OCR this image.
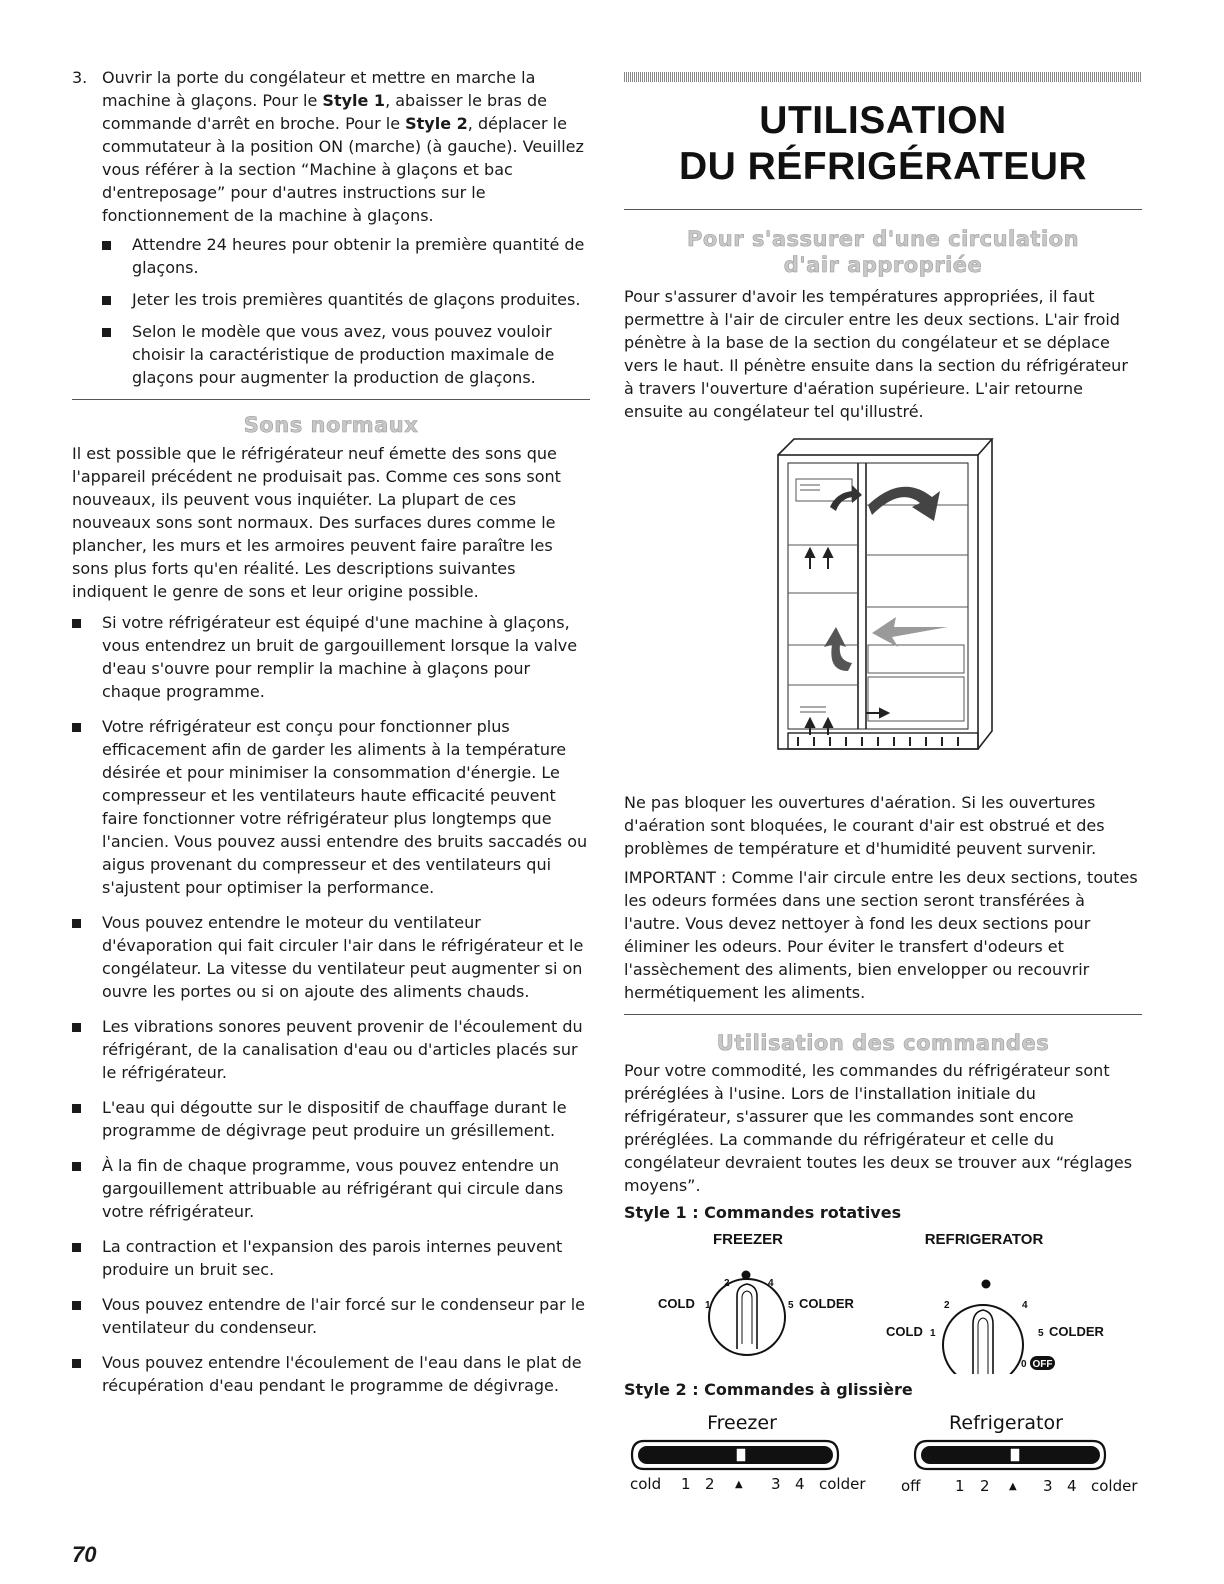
3. Ouvrir la porte du congélateur et mettre en marche la machine à glaçons. Pour le Style 1, abaisser le bras de commande d'arrêt en broche. Pour le Style 2, déplacer le commutateur à la position ON (marche) (à gauche). Veuillez vous référer à la section “Machine à glaçons et bac d'entreposage” pour d'autres instructions sur le fonctionnement de la machine à glaçons.

Attendre 24 heures pour obtenir la première quantité de glaçons.
Jeter les trois premières quantités de glaçons produites.
Selon le modèle que vous avez, vous pouvez vouloir choisir la caractéristique de production maximale de glaçons pour augmenter la production de glaçons.
Sons normaux

Il est possible que le réfrigérateur neuf émette des sons que l'appareil précédent ne produisait pas. Comme ces sons sont nouveaux, ils peuvent vous inquiéter. La plupart de ces nouveaux sons sont normaux. Des surfaces dures comme le plancher, les murs et les armoires peuvent faire paraître les sons plus forts qu'en réalité. Les descriptions suivantes indiquent le genre de sons et leur origine possible.

Si votre réfrigérateur est équipé d'une machine à glaçons, vous entendrez un bruit de gargouillement lorsque la valve d'eau s'ouvre pour remplir la machine à glaçons pour chaque programme.
Votre réfrigérateur est conçu pour fonctionner plus efficacement afin de garder les aliments à la température désirée et pour minimiser la consommation d'énergie. Le compresseur et les ventilateurs haute efficacité peuvent faire fonctionner votre réfrigérateur plus longtemps que l'ancien. Vous pouvez aussi entendre des bruits saccadés ou aigus provenant du compresseur et des ventilateurs qui s'ajustent pour optimiser la performance.
Vous pouvez entendre le moteur du ventilateur d'évaporation qui fait circuler l'air dans le réfrigérateur et le congélateur. La vitesse du ventilateur peut augmenter si on ouvre les portes ou si on ajoute des aliments chauds.
Les vibrations sonores peuvent provenir de l'écoulement du réfrigérant, de la canalisation d'eau ou d'articles placés sur le réfrigérateur.
L'eau qui dégoutte sur le dispositif de chauffage durant le programme de dégivrage peut produire un grésillement.
À la fin de chaque programme, vous pouvez entendre un gargouillement attribuable au réfrigérant qui circule dans votre réfrigérateur.
La contraction et l'expansion des parois internes peuvent produire un bruit sec.
Vous pouvez entendre de l'air forcé sur le condenseur par le ventilateur du condenseur.
Vous pouvez entendre l'écoulement de l'eau dans le plat de récupération d'eau pendant le programme de dégivrage.
UTILISATION
DU RÉFRIGÉRATEUR
Pour s'assurer d'une circulation
d'air appropriée

Pour s'assurer d'avoir les températures appropriées, il faut permettre à l'air de circuler entre les deux sections. L'air froid pénètre à la base de la section du congélateur et se déplace vers le haut. Il pénètre ensuite dans la section du réfrigérateur à travers l'ouverture d'aération supérieure. L'air retourne ensuite au congélateur tel qu'illustré.

Ne pas bloquer les ouvertures d'aération. Si les ouvertures d'aération sont bloquées, le courant d'air est obstrué et des problèmes de température et d'humidité peuvent survenir.

IMPORTANT : Comme l'air circule entre les deux sections, toutes les odeurs formées dans une section seront transférées à l'autre. Vous devez nettoyer à fond les deux sections pour éliminer les odeurs. Pour éviter le transfert d'odeurs et l'assèchement des aliments, bien envelopper ou recouvrir hermétiquement les aliments.

Utilisation des commandes

Pour votre commodité, les commandes du réfrigérateur sont préréglées à l'usine. Lors de l'installation initiale du réfrigérateur, s'assurer que les commandes sont encore préréglées. La commande du réfrigérateur et celle du congélateur devraient toutes les deux se trouver aux “réglages moyens”.

Style 1 : Commandes rotatives

FREEZER
2	4
COLD 1	5 COLDER
REFRIGERATOR
2	4
COLD 1	5 COLDER
0 OFF

Style 2 : Commandes à glissière

Freezer	Refrigerator
cold 1 2 ▲ 3 4 colder off 1 2 ▲ 3 4 colder
70
